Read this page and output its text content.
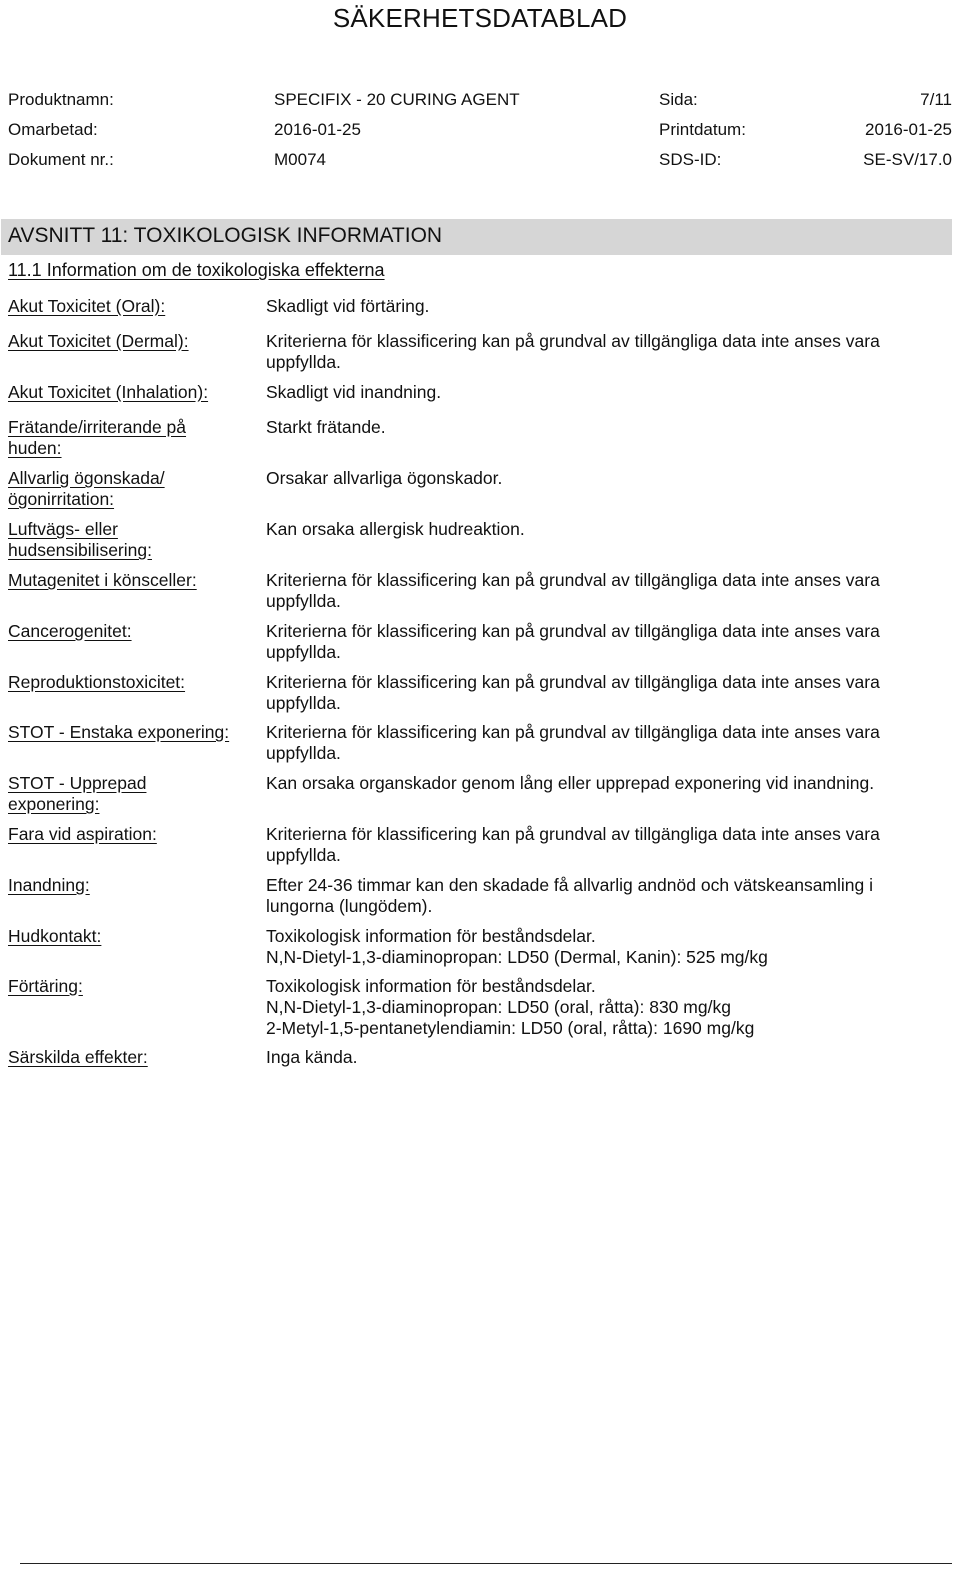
SÄKERHETSDATABLAD
Produktnamn:	SPECIFIX - 20 CURING AGENT	Sida:	7/11
Omarbetad:	2016-01-25	Printdatum:	2016-01-25
Dokument nr.:	M0074	SDS-ID:	SE-SV/17.0
AVSNITT 11: TOXIKOLOGISK INFORMATION
11.1 Information om de toxikologiska effekterna
Akut Toxicitet (Oral):	Skadligt vid förtäring.
Akut Toxicitet (Dermal):	Kriterierna för klassificering kan på grundval av tillgängliga data inte anses vara
uppfyllda.
Akut Toxicitet (Inhalation):	Skadligt vid inandning.
Frätande/irriterande på huden:
Starkt frätande.
Allvarlig ögonskada/ögonirritation:
Orsakar allvarliga ögonskador.
Luftvägs- eller hudsensibilisering:
Kan orsaka allergisk hudreaktion.
Mutagenitet i könsceller:	Kriterierna för klassificering kan på grundval av tillgängliga data inte anses vara
uppfyllda.
Cancerogenitet:	Kriterierna för klassificering kan på grundval av tillgängliga data inte anses vara
uppfyllda.
Reproduktionstoxicitet:	Kriterierna för klassificering kan på grundval av tillgängliga data inte anses vara
uppfyllda.
STOT - Enstaka exponering:	Kriterierna för klassificering kan på grundval av tillgängliga data inte anses vara
uppfyllda.
STOT - Upprepad exponering:
Kan orsaka organskador genom lång eller upprepad exponering vid inandning.
Fara vid aspiration:	Kriterierna för klassificering kan på grundval av tillgängliga data inte anses vara
uppfyllda.
Inandning:	Efter 24-36 timmar kan den skadade få allvarlig andnöd och vätskeansamling i
lungorna (lungödem).
Hudkontakt:	Toxikologisk information för beståndsdelar.
N,N-Dietyl-1,3-diaminopropan: LD50 (Dermal, Kanin): 525 mg/kg
Förtäring:	Toxikologisk information för beståndsdelar.
N,N-Dietyl-1,3-diaminopropan: LD50 (oral, råtta): 830 mg/kg
2-Metyl-1,5-pentanetylendiamin: LD50 (oral, råtta): 1690 mg/kg
Särskilda effekter:	Inga kända.
